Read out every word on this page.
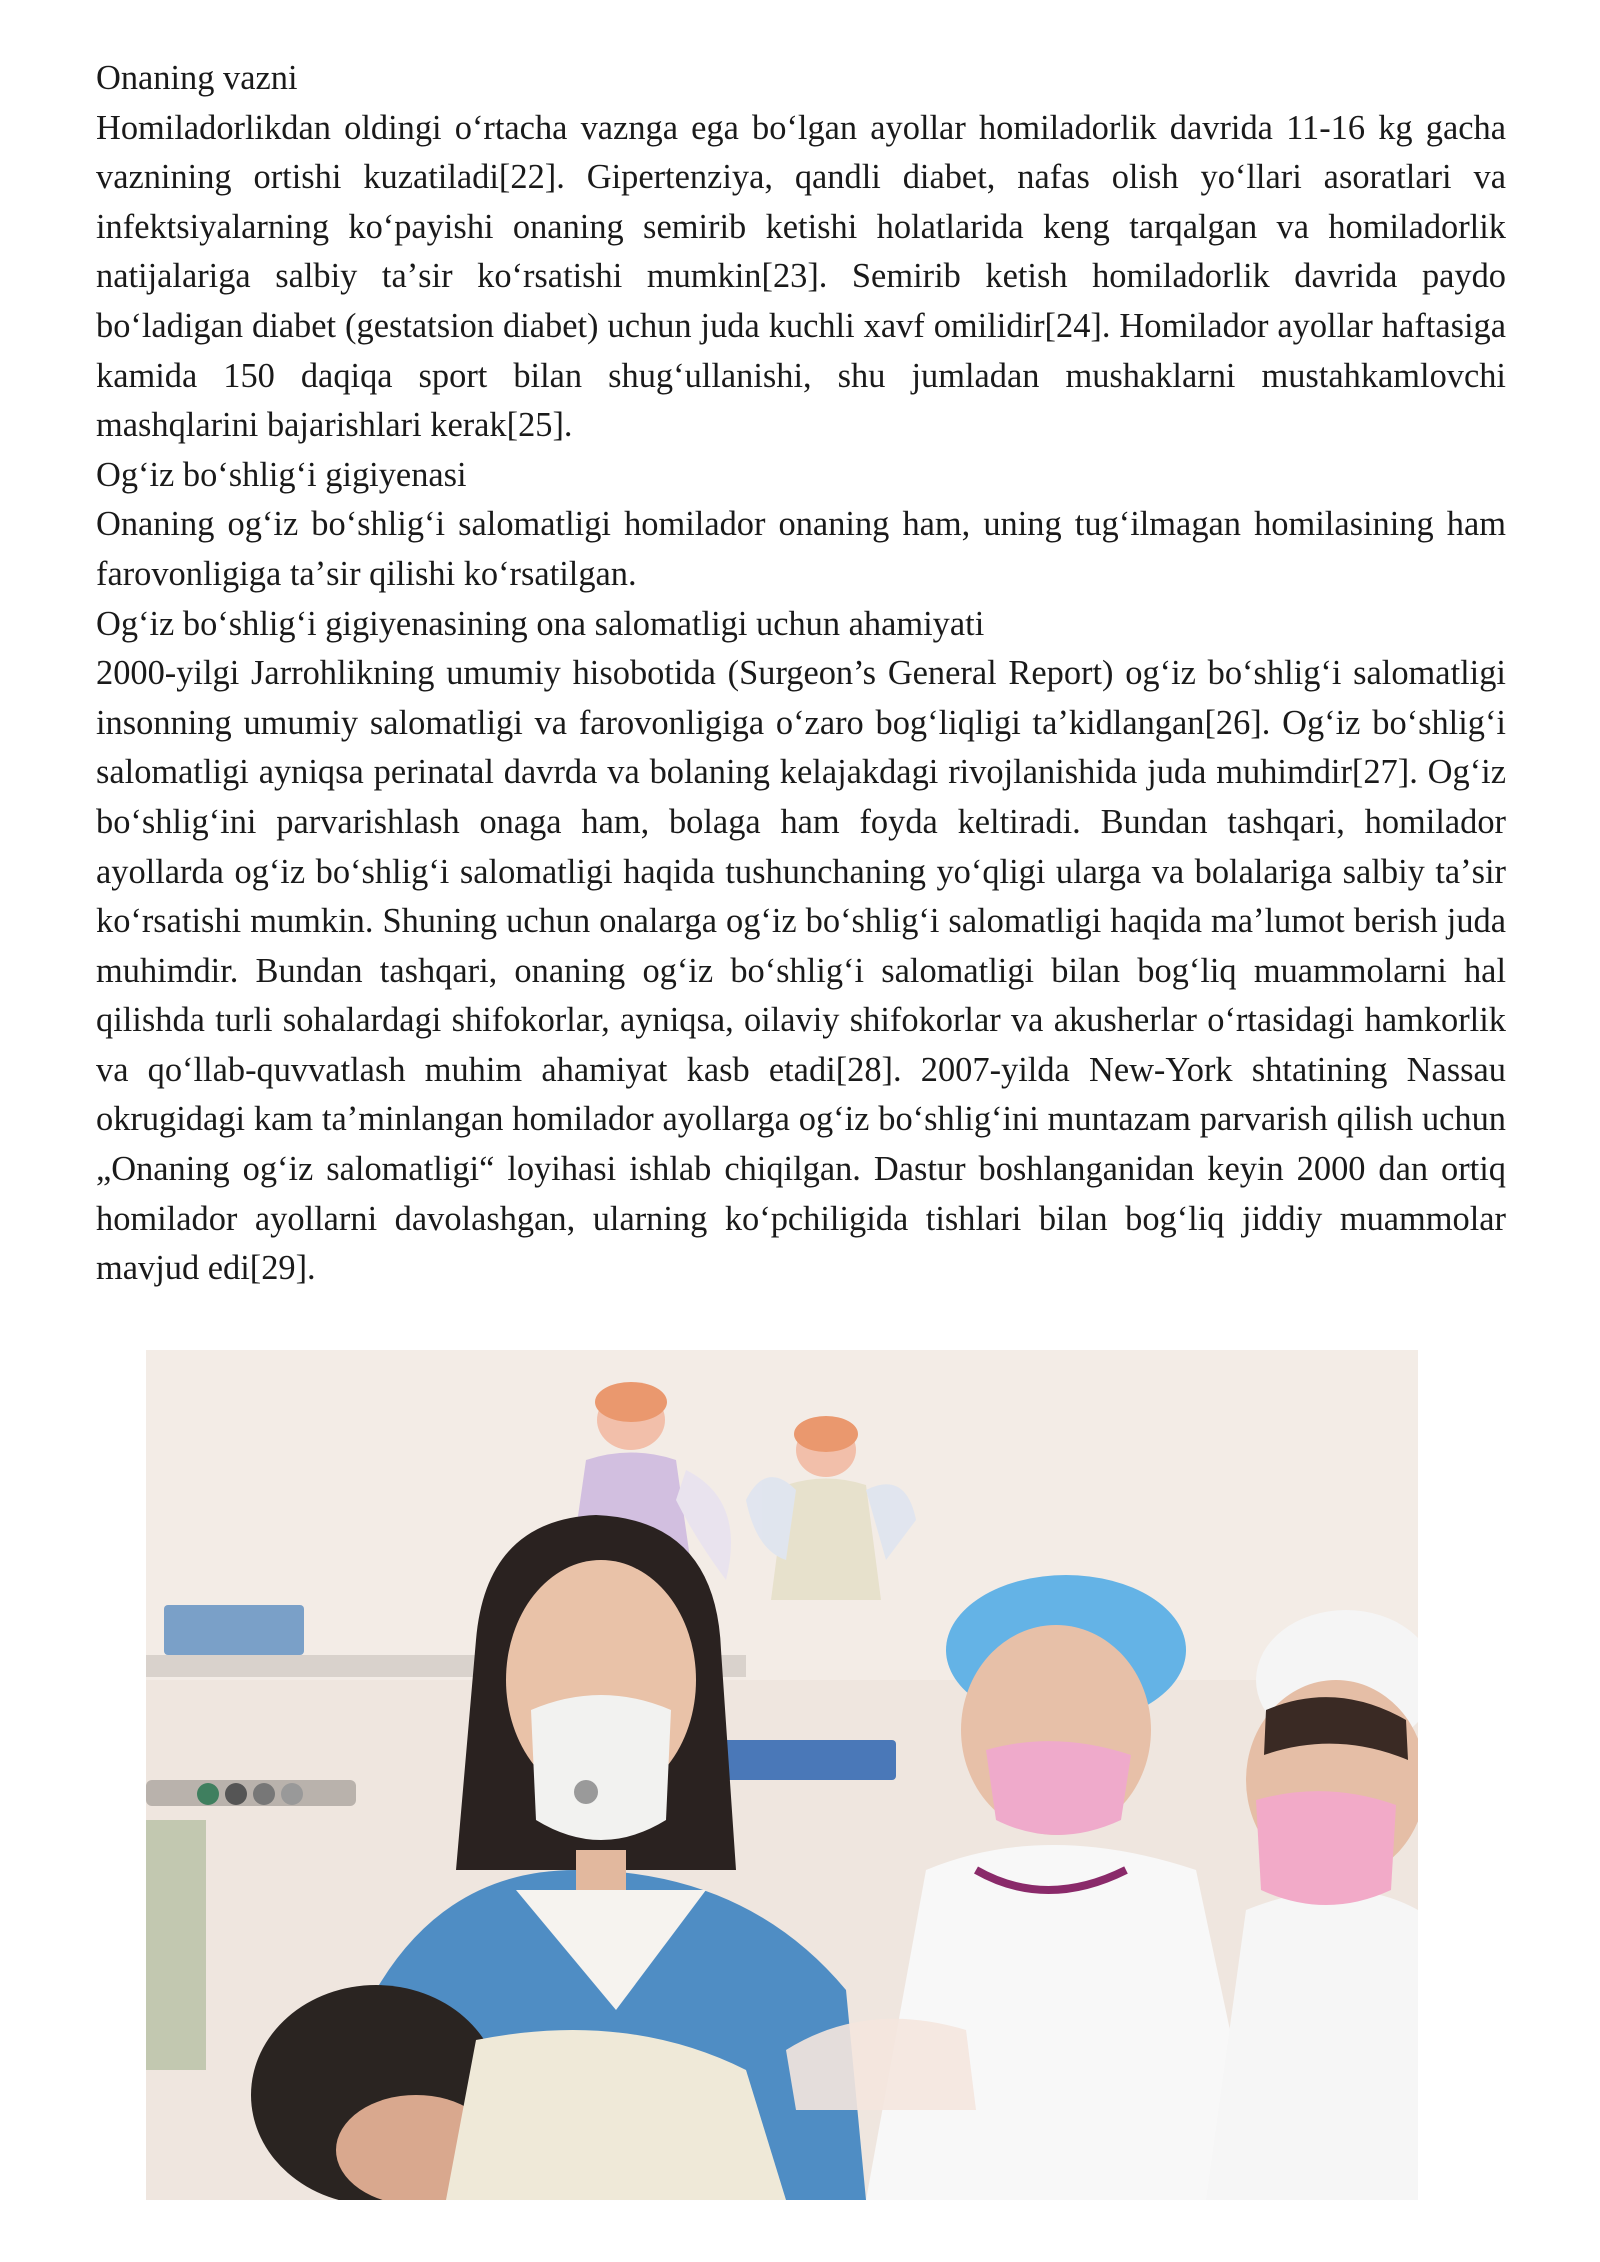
Onaning vazni

Homiladorlikdan oldingi oʻrtacha vaznga ega boʻlgan ayollar homiladorlik davrida 11-16 kg gacha vaznining ortishi kuzatiladi[22]. Gipertenziya, qandli diabet, nafas olish yoʻllari asoratlari va infektsiyalarning koʻpayishi onaning semirib ketishi holatlarida keng tarqalgan va homiladorlik natijalariga salbiy taʼsir koʻrsatishi mumkin[23]. Semirib ketish homiladorlik davrida paydo boʻladigan diabet (gestatsion diabet) uchun juda kuchli xavf omilidir[24]. Homilador ayollar haftasiga kamida 150 daqiqa sport bilan shugʻullanishi, shu jumladan mushaklarni mustahkamlovchi mashqlarini bajarishlari kerak[25].

Ogʻiz boʻshligʻi gigiyenasi

Onaning ogʻiz boʻshligʻi salomatligi homilador onaning ham, uning tugʻilmagan homilasining ham farovonligiga taʼsir qilishi koʻrsatilgan.

Ogʻiz boʻshligʻi gigiyenasining ona salomatligi uchun ahamiyati

2000-yilgi Jarrohlikning umumiy hisobotida (Surgeon’s General Report) ogʻiz boʻshligʻi salomatligi insonning umumiy salomatligi va farovonligiga oʻzaro bogʻliqligi taʼkidlangan[26]. Ogʻiz boʻshligʻi salomatligi ayniqsa perinatal davrda va bolaning kelajakdagi rivojlanishida juda muhimdir[27]. Ogʻiz boʻshligʻini parvarishlash onaga ham, bolaga ham foyda keltiradi. Bundan tashqari, homilador ayollarda ogʻiz boʻshligʻi salomatligi haqida tushunchaning yoʻqligi ularga va bolalariga salbiy taʼsir koʻrsatishi mumkin. Shuning uchun onalarga ogʻiz boʻshligʻi salomatligi haqida maʼlumot berish juda muhimdir. Bundan tashqari, onaning ogʻiz boʻshligʻi salomatligi bilan bogʻliq muammolarni hal qilishda turli sohalardagi shifokorlar, ayniqsa, oilaviy shifokorlar va akusherlar oʻrtasidagi hamkorlik va qoʻllab-quvvatlash muhim ahamiyat kasb etadi[28]. 2007-yilda New-York shtatining Nassau okrugidagi kam taʼminlangan homilador ayollarga ogʻiz boʻshligʻini muntazam parvarish qilish uchun „Onaning ogʻiz salomatligi“ loyihasi ishlab chiqilgan. Dastur boshlanganidan keyin 2000 dan ortiq homilador ayollarni davolashgan, ularning koʻpchiligida tishlari bilan bogʻliq jiddiy muammolar mavjud edi[29].
